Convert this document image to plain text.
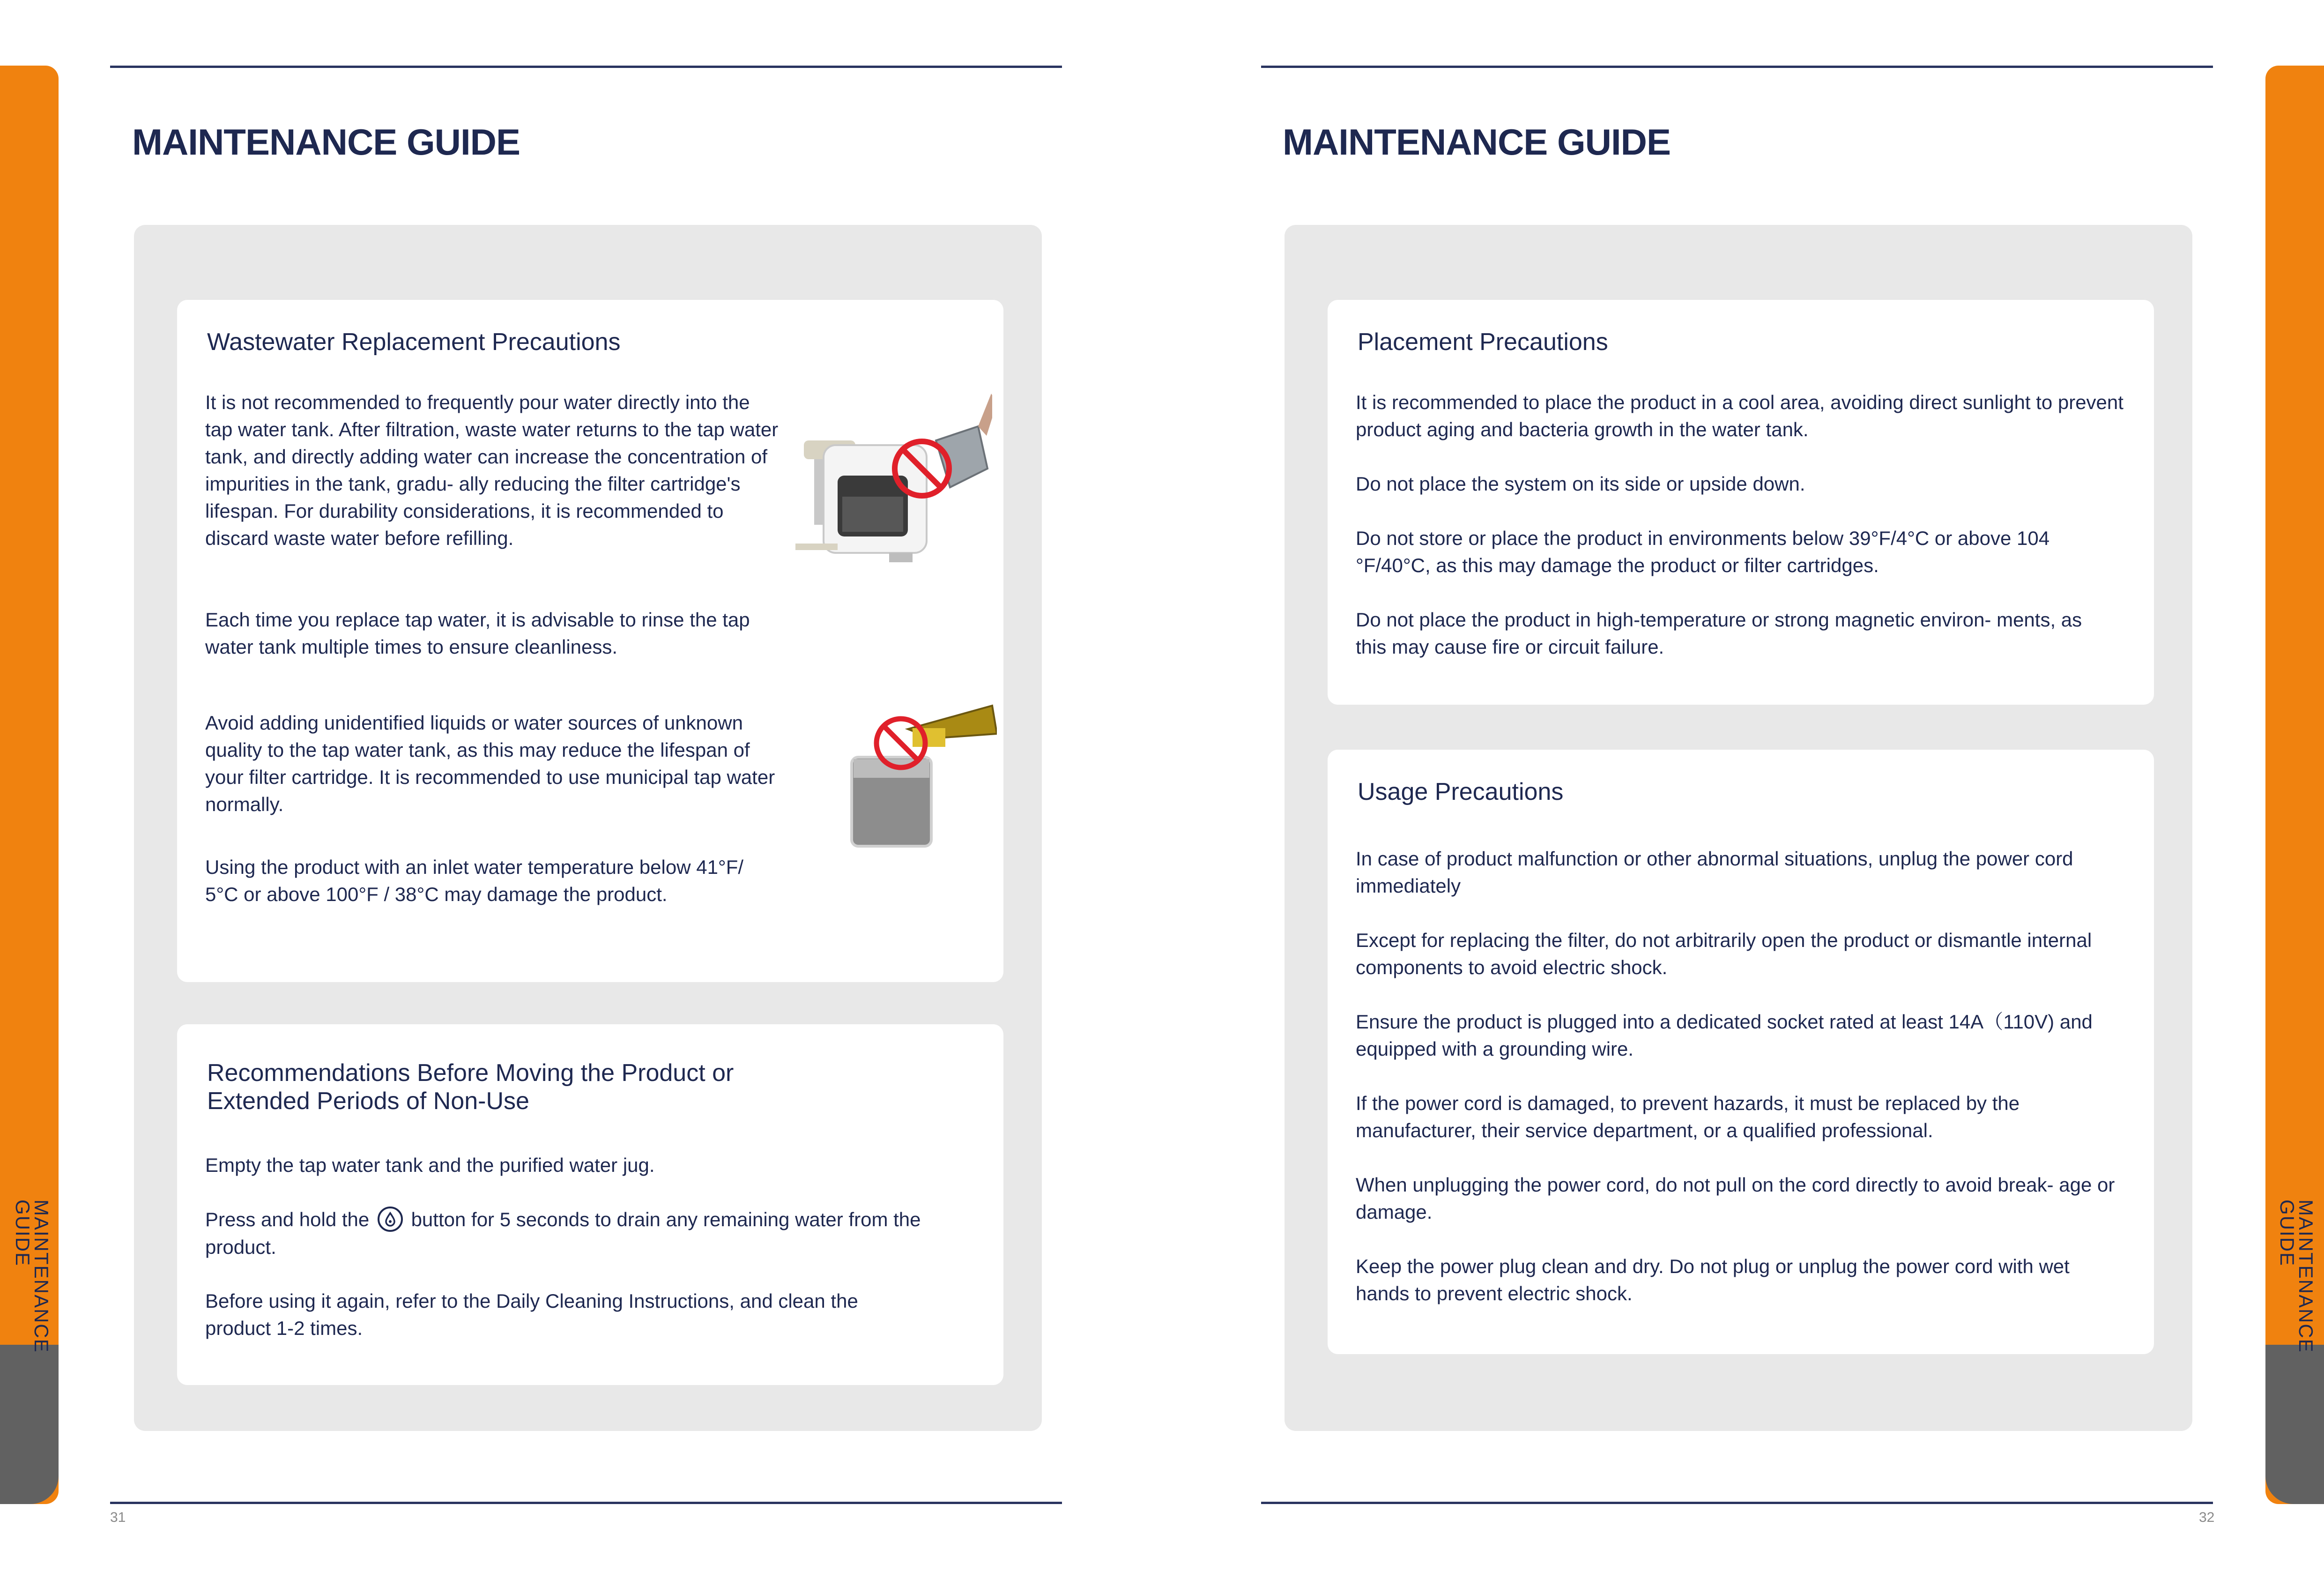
MAINTENANCE
GUIDE	MAINTENANCE
GUIDE

MAINTENANCE GUIDE
Wastewater Replacement Precautions
It is not recommended to frequently pour water directly into the tap water tank. After filtration, waste water returns to the tap water tank, and directly adding water can increase the concentration of impurities in the tank, gradu- ally reducing the filter cartridge's lifespan. For durability considerations, it is recommended to discard waste water before refilling.
Each time you replace tap water, it is advisable to rinse the tap water tank multiple times to ensure cleanliness.
Avoid adding unidentified liquids or water sources of unknown quality to the tap water tank, as this may reduce the lifespan of your filter cartridge. It is recommended to use municipal tap water normally.
Using the product with an inlet water temperature below 41°F/ 5°C or above 100°F / 38°C may damage the product.
Recommendations Before Moving the Product or Extended Periods of Non-Use
Empty the tap water tank and the purified water jug.
Press and hold the button for 5 seconds to drain any remaining water from the product.
Before using it again, refer to the Daily Cleaning Instructions, and clean the product 1-2 times.
31
MAINTENANCE GUIDE
Placement Precautions
It is recommended to place the product in a cool area, avoiding direct sunlight to prevent product aging and bacteria growth in the water tank.
Do not place the system on its side or upside down.
Do not store or place the product in environments below 39°F/4°C or above 104 °F/40°C, as this may damage the product or filter cartridges.
Do not place the product in high-temperature or strong magnetic environ- ments, as this may cause fire or circuit failure.
Usage Precautions
In case of product malfunction or other abnormal situations, unplug the power cord immediately
Except for replacing the filter, do not arbitrarily open the product or dismantle internal components to avoid electric shock.
Ensure the product is plugged into a dedicated socket rated at least 14A（110V) and equipped with a grounding wire.
If the power cord is damaged, to prevent hazards, it must be replaced by the manufacturer, their service department, or a qualified professional.
When unplugging the power cord, do not pull on the cord directly to avoid break- age or damage.
Keep the power plug clean and dry. Do not plug or unplug the power cord with wet hands to prevent electric shock.
32
